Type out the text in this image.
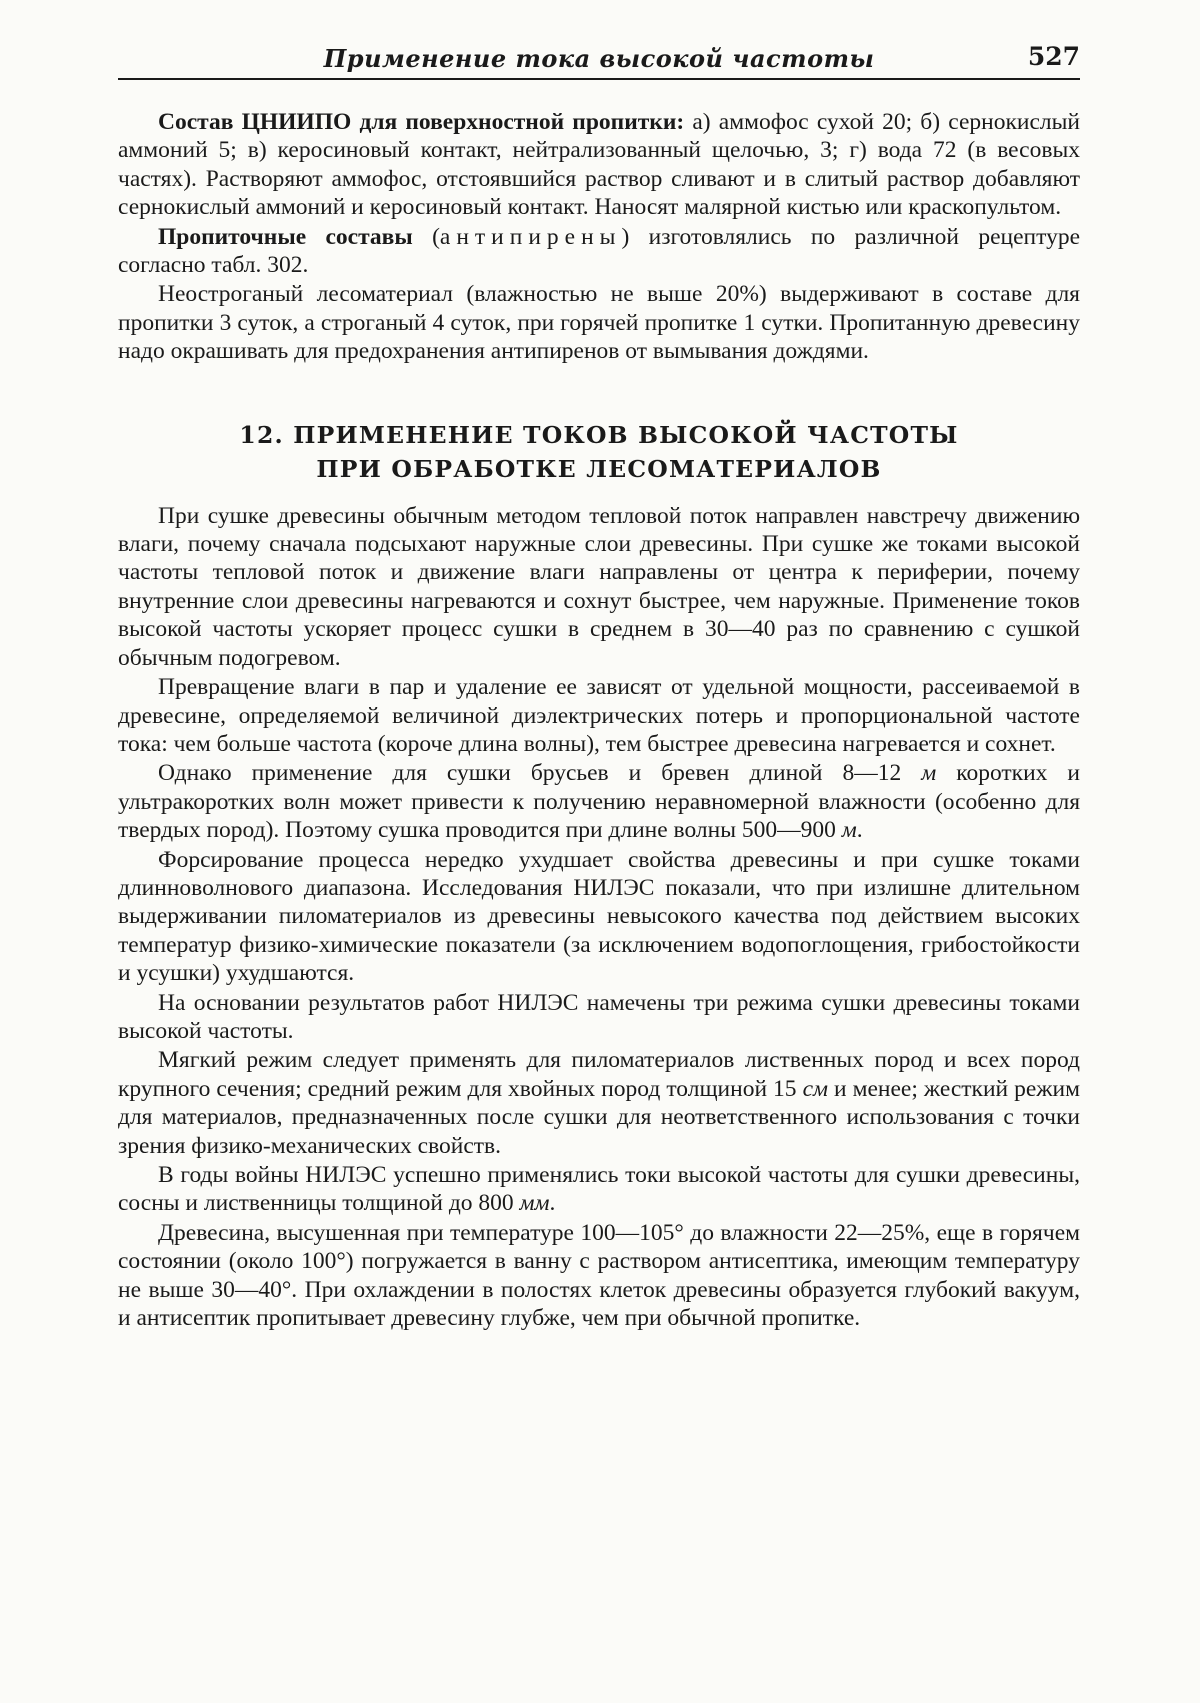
Применение тока высокой частоты	527

Состав ЦНИИПО для поверхностной пропитки: а) аммофос сухой 20; б) сернокислый аммоний 5; в) керосиновый контакт, нейтрализованный щелочью, 3; г) вода 72 (в весовых частях). Растворяют аммофос, отстоявшийся раствор сливают и в слитый раствор добавляют сернокислый аммоний и керосиновый контакт. Наносят малярной кистью или краскопультом.

Пропиточные составы (антипирены) изготовлялись по различной рецептуре согласно табл. 302.

Неостроганый лесоматериал (влажностью не выше 20%) выдерживают в составе для пропитки 3 суток, а строганый 4 суток, при горячей пропитке 1 сутки. Пропитанную древесину надо окрашивать для предохранения антипиренов от вымывания дождями.

12. ПРИМЕНЕНИЕ ТОКОВ ВЫСОКОЙ ЧАСТОТЫ
ПРИ ОБРАБОТКЕ ЛЕСОМАТЕРИАЛОВ

При сушке древесины обычным методом тепловой поток направлен навстречу движению влаги, почему сначала подсыхают наружные слои древесины. При сушке же токами высокой частоты тепловой поток и движение влаги направлены от центра к периферии, почему внутренние слои древесины нагреваются и сохнут быстрее, чем наружные. Применение токов высокой частоты ускоряет процесс сушки в среднем в 30—40 раз по сравнению с сушкой обычным подогревом.

Превращение влаги в пар и удаление ее зависят от удельной мощности, рассеиваемой в древесине, определяемой величиной диэлектрических потерь и пропорциональной частоте тока: чем больше частота (короче длина волны), тем быстрее древесина нагревается и сохнет.

Однако применение для сушки брусьев и бревен длиной 8—12 м коротких и ультракоротких волн может привести к получению неравномерной влажности (особенно для твердых пород). Поэтому сушка проводится при длине волны 500—900 м.

Форсирование процесса нередко ухудшает свойства древесины и при сушке токами длинноволнового диапазона. Исследования НИЛЭС показали, что при излишне длительном выдерживании пиломатериалов из древесины невысокого качества под действием высоких температур физико-химические показатели (за исключением водопоглощения, грибостойкости и усушки) ухудшаются.

На основании результатов работ НИЛЭС намечены три режима сушки древесины токами высокой частоты.

Мягкий режим следует применять для пиломатериалов лиственных пород и всех пород крупного сечения; средний режим для хвойных пород толщиной 15 см и менее; жесткий режим для материалов, предназначенных после сушки для неответственного использования с точки зрения физико-механических свойств.

В годы войны НИЛЭС успешно применялись токи высокой частоты для сушки древесины, сосны и лиственницы толщиной до 800 мм.

Древесина, высушенная при температуре 100—105° до влажности 22—25%, еще в горячем состоянии (около 100°) погружается в ванну с раствором антисептика, имеющим температуру не выше 30—40°. При охлаждении в полостях клеток древесины образуется глубокий вакуум, и антисептик пропитывает древесину глубже, чем при обычной пропитке.
